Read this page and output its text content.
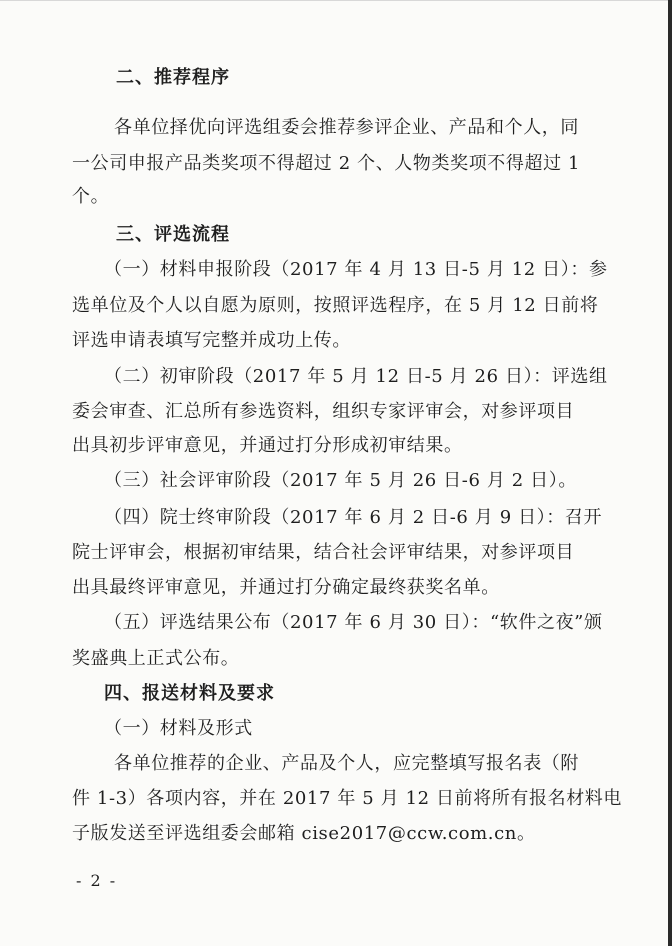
二、推荐程序
各单位择优向评选组委会推荐参评企业、产品和个人，同
一公司申报产品类奖项不得超过 2 个、人物类奖项不得超过 1
个。
三、评选流程
（一）材料申报阶段（2017 年 4 月 13 日-5 月 12 日）：参
选单位及个人以自愿为原则，按照评选程序，在 5 月 12 日前将
评选申请表填写完整并成功上传。
（二）初审阶段（2017 年 5 月 12 日-5 月 26 日）：评选组
委会审查、汇总所有参选资料，组织专家评审会，对参评项目
出具初步评审意见，并通过打分形成初审结果。
（三）社会评审阶段（2017 年 5 月 26 日-6 月 2 日）。
（四）院士终审阶段（2017 年 6 月 2 日-6 月 9 日）：召开
院士评审会，根据初审结果，结合社会评审结果，对参评项目
出具最终评审意见，并通过打分确定最终获奖名单。
（五）评选结果公布（2017 年 6 月 30 日）：“软件之夜”颁
奖盛典上正式公布。
四、报送材料及要求
（一）材料及形式
各单位推荐的企业、产品及个人，应完整填写报名表（附
件 1-3）各项内容，并在 2017 年 5 月 12 日前将所有报名材料电
子版发送至评选组委会邮箱 cise2017@ccw.com.cn。
- 2 -
